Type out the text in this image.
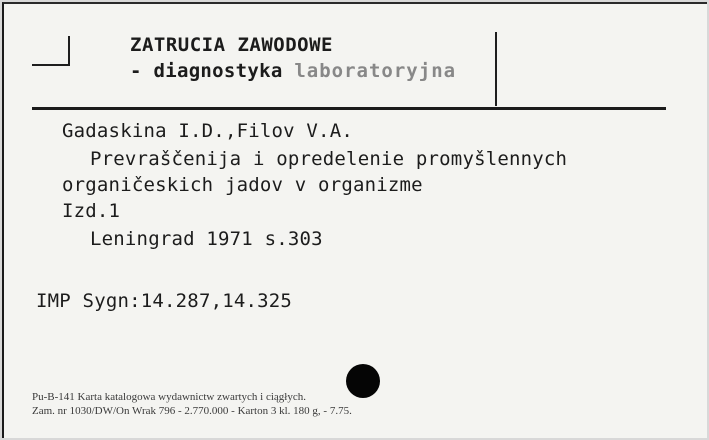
ZATRUCIA ZAWODOWE
- diagnostyka laboratoryjna
Gadaskina I.D.,Filov V.A.
Prevraščenija i opredelenie promyšlennych
organičeskich jadov v organizme
Izd.1
Leningrad 1971 s.303
IMP Sygn:14.287,14.325
Pu-B-141 Karta katalogowa wydawnictw zwartych i ciągłych.
Zam. nr 1030/DW/On Wrak 796 - 2.770.000 - Karton 3 kl. 180 g, - 7.75.
